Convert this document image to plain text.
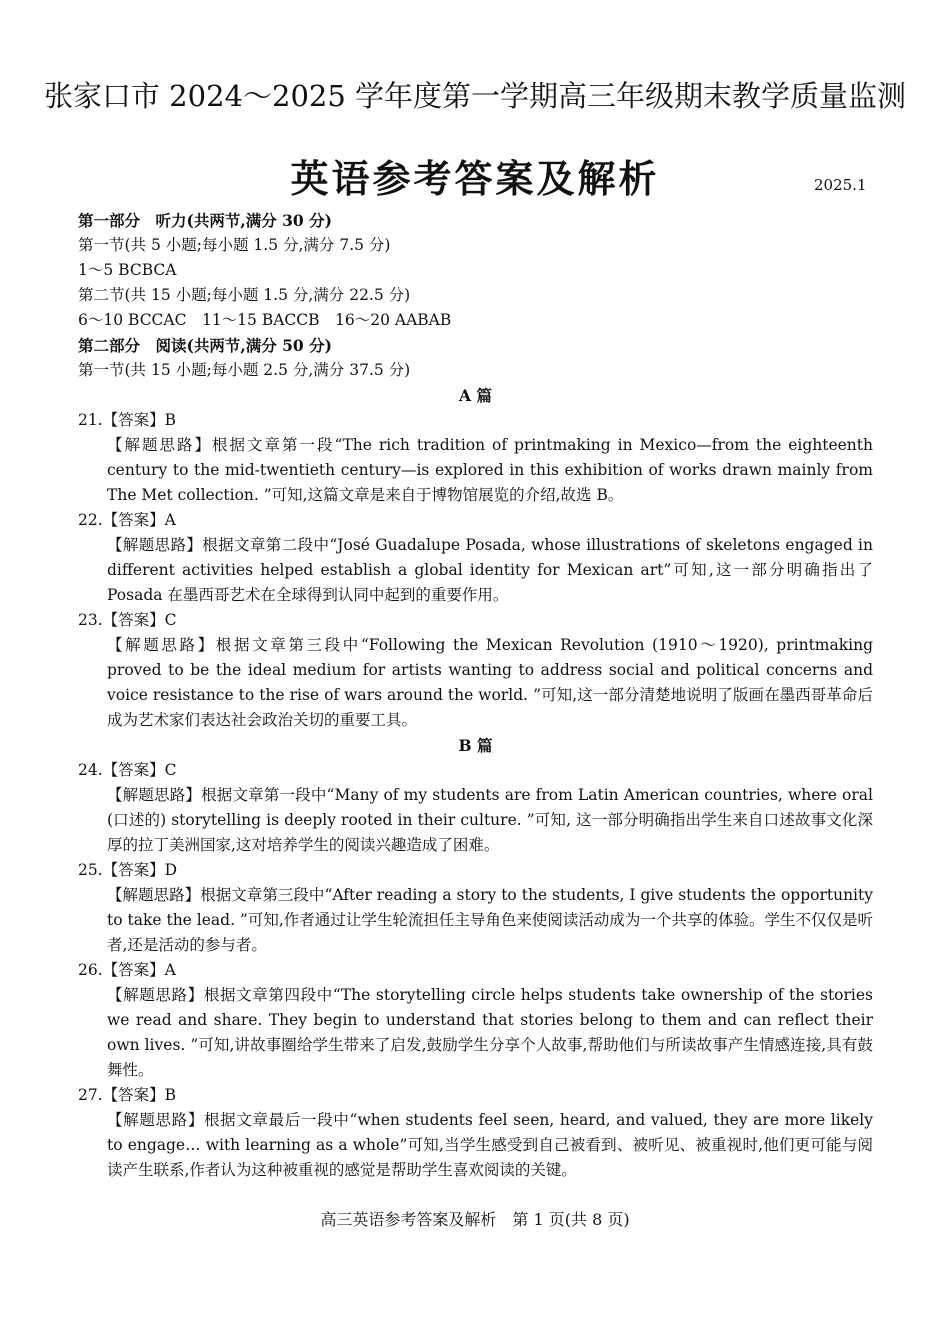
张家口市 2024～2025 学年度第一学期高三年级期末教学质量监测
英语参考答案及解析	2025.1
第一部分　听力(共两节,满分 30 分)
第一节(共 5 小题;每小题 1.5 分,满分 7.5 分)
1～5 BCBCA
第二节(共 15 小题;每小题 1.5 分,满分 22.5 分)
6～10 BCCAC　11～15 BACCB　16～20 AABAB
第二部分　阅读(共两节,满分 50 分)
第一节(共 15 小题;每小题 2.5 分,满分 37.5 分)
A 篇
21.【答案】B
【解题思路】根据文章第一段“The rich tradition of printmaking in Mexico—from the eighteenth century to the mid-twentieth century—is explored in this exhibition of works drawn mainly from The Met collection. ”可知,这篇文章是来自于博物馆展览的介绍,故选 B。
22.【答案】A
【解题思路】根据文章第二段中“José Guadalupe Posada, whose illustrations of skeletons engaged in different activities helped establish a global identity for Mexican art”可知,这一部分明确指出了 Posada 在墨西哥艺术在全球得到认同中起到的重要作用。
23.【答案】C
【解题思路】根据文章第三段中“Following the Mexican Revolution (1910～1920), printmaking proved to be the ideal medium for artists wanting to address social and political concerns and voice resistance to the rise of wars around the world. ”可知,这一部分清楚地说明了版画在墨西哥革命后成为艺术家们表达社会政治关切的重要工具。
B 篇
24.【答案】C
【解题思路】根据文章第一段中“Many of my students are from Latin American countries, where oral (口述的) storytelling is deeply rooted in their culture. ”可知, 这一部分明确指出学生来自口述故事文化深厚的拉丁美洲国家,这对培养学生的阅读兴趣造成了困难。
25.【答案】D
【解题思路】根据文章第三段中“After reading a story to the students, I give students the opportunity to take the lead. ”可知,作者通过让学生轮流担任主导角色来使阅读活动成为一个共享的体验。学生不仅仅是听者,还是活动的参与者。
26.【答案】A
【解题思路】根据文章第四段中“The storytelling circle helps students take ownership of the stories we read and share. They begin to understand that stories belong to them and can reflect their own lives. ”可知,讲故事圈给学生带来了启发,鼓励学生分享个人故事,帮助他们与所读故事产生情感连接,具有鼓舞性。
27.【答案】B
【解题思路】根据文章最后一段中“when students feel seen, heard, and valued, they are more likely to engage… with learning as a whole”可知,当学生感受到自己被看到、被听见、被重视时,他们更可能与阅读产生联系,作者认为这种被重视的感觉是帮助学生喜欢阅读的关键。
高三英语参考答案及解析　第 1 页(共 8 页)
